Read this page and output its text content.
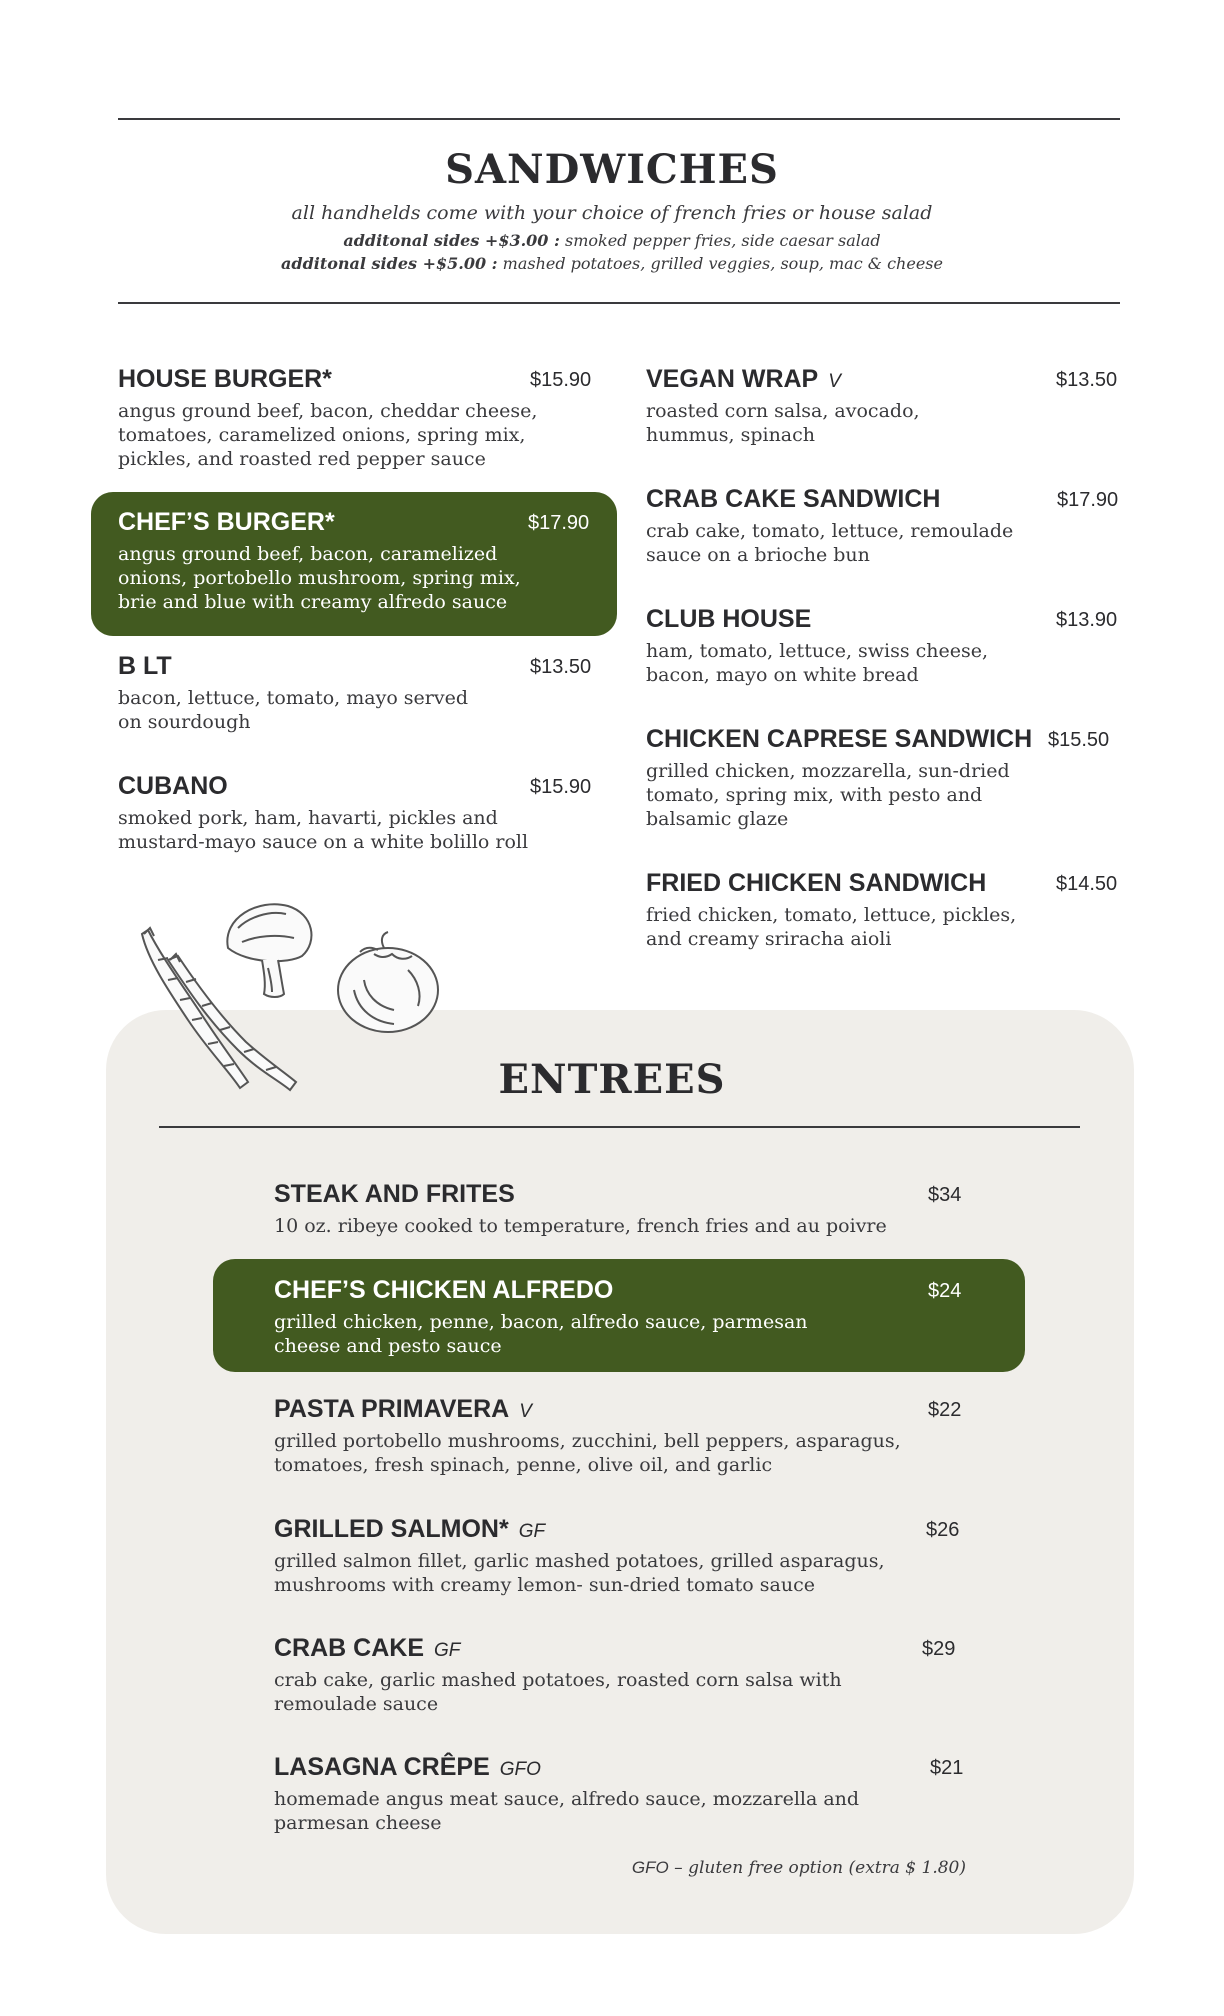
SANDWICHES
all handhelds come with your choice of french fries or house salad
additonal sides +$3.00 : smoked pepper fries, side caesar salad
additonal sides +$5.00 : mashed potatoes, grilled veggies, soup, mac & cheese
HOUSE BURGER*	$15.90
angus ground beef, bacon, cheddar cheese, tomatoes, caramelized onions, spring mix, pickles, and roasted red pepper sauce
CHEF’S BURGER*	$17.90
angus ground beef, bacon, caramelized onions, portobello mushroom, spring mix, brie and blue with creamy alfredo sauce
B LT	$13.50
bacon, lettuce, tomato, mayo served on sourdough
CUBANO	$15.90
smoked pork, ham, havarti, pickles and mustard-mayo sauce on a white bolillo roll
VEGAN WRAP V	$13.50
roasted corn salsa, avocado, hummus, spinach
CRAB CAKE SANDWICH	$17.90
crab cake, tomato, lettuce, remoulade sauce on a brioche bun
CLUB HOUSE	$13.90
ham, tomato, lettuce, swiss cheese, bacon, mayo on white bread
CHICKEN CAPRESE SANDWICH $15.50
grilled chicken, mozzarella, sun-dried tomato, spring mix, with pesto and balsamic glaze
FRIED CHICKEN SANDWICH	$14.50
fried chicken, tomato, lettuce, pickles, and creamy sriracha aioli
ENTREES
STEAK AND FRITES	$34
10 oz. ribeye cooked to temperature, french fries and au poivre
CHEF’S CHICKEN ALFREDO	$24
grilled chicken, penne, bacon, alfredo sauce, parmesan cheese and pesto sauce
PASTA PRIMAVERA V	$22
grilled portobello mushrooms, zucchini, bell peppers, asparagus, tomatoes, fresh spinach, penne, olive oil, and garlic
GRILLED SALMON* GF	$26
grilled salmon fillet, garlic mashed potatoes, grilled asparagus, mushrooms with creamy lemon- sun-dried tomato sauce
CRAB CAKE GF	$29
crab cake, garlic mashed potatoes, roasted corn salsa with remoulade sauce
LASAGNA CRÊPE GFO	$21
homemade angus meat sauce, alfredo sauce, mozzarella and parmesan cheese
GFO – gluten free option (extra $ 1.80)
